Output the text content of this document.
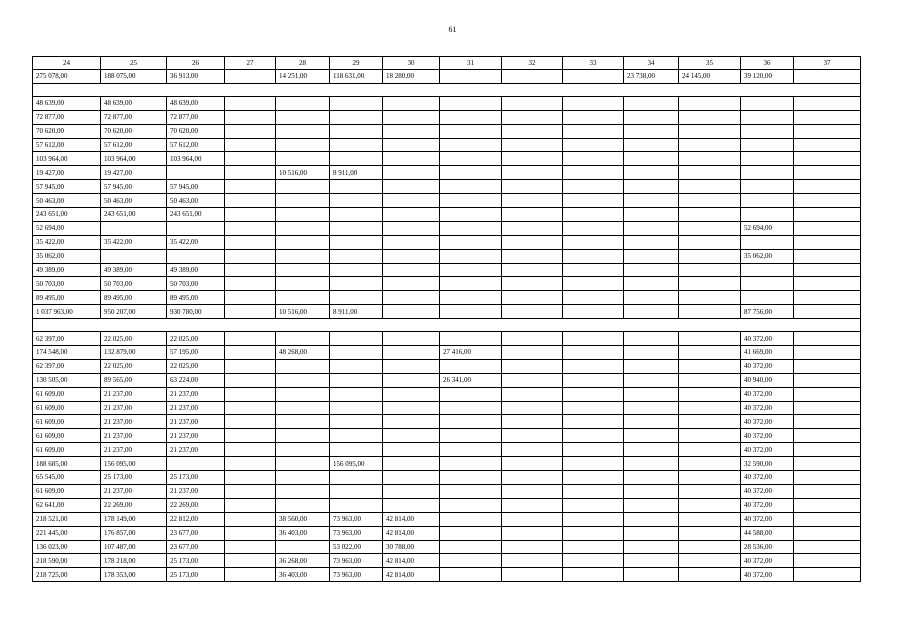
61
24	25	26	27	28	29	30	31	32	33	34	35	36	37
275 078,00	188 075,00	36 913,00		14 251,00	118 631,00	18 280,00				23 738,00	24 145,00	39 120,00	

48 639,00	48 639,00	48 639,00											
72 877,00	72 877,00	72 877,00											
70 620,00	70 620,00	70 620,00											
57 612,00	57 612,00	57 612,00											
103 964,00	103 964,00	103 964,00											
19 427,00	19 427,00			10 516,00	8 911,00								
57 945,00	57 945,00	57 945,00											
50 463,00	50 463,00	50 463,00											
243 651,00	243 651,00	243 651,00											
52 694,00												52 694,00	
35 422,00	35 422,00	35 422,00											
35 062,00												35 062,00	
49 389,00	49 389,00	49 389,00											
50 703,00	50 703,00	50 703,00											
89 495,00	89 495,00	89 495,00											
1 037 963,00	950 207,00	930 780,00		10 516,00	8 911,00							87 756,00	

62 397,00	22 025,00	22 025,00										40 372,00	
174 548,00	132 879,00	57 195,00		48 268,00			27 416,00					41 669,00	
62 397,00	22 025,00	22 025,00										40 372,00	
130 505,00	89 565,00	63 224,00					26 341,00					40 940,00	
61 609,00	21 237,00	21 237,00										40 372,00	
61 609,00	21 237,00	21 237,00										40 372,00	
61 609,00	21 237,00	21 237,00										40 372,00	
61 609,00	21 237,00	21 237,00										40 372,00	
61 609,00	21 237,00	21 237,00										40 372,00	
188 685,00	156 095,00				156 095,00							32 590,00	
65 545,00	25 173,00	25 173,00										40 372,00	
61 609,00	21 237,00	21 237,00										40 372,00	
62 641,00	22 269,00	22 269,00										40 372,00	
218 521,00	178 149,00	22 812,00		38 560,00	73 963,00	42 814,00						40 372,00	
221 445,00	176 857,00	23 677,00		36 403,00	73 963,00	42 814,00						44 588,00	
136 023,00	107 487,00	23 677,00			53 022,00	30 788,00						28 536,00	
218 590,00	178 218,00	25 173,00		36 268,00	73 963,00	42 814,00						40 372,00	
218 725,00	178 353,00	25 173,00		36 403,00	73 963,00	42 814,00						40 372,00	
